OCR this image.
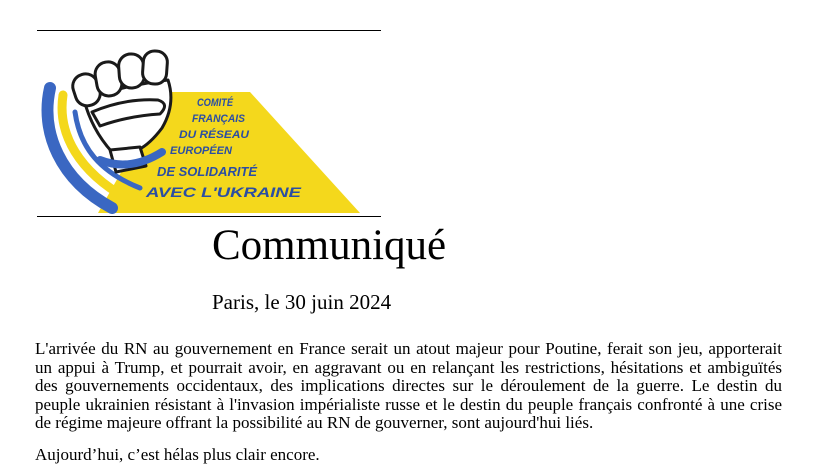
COMITÉ
FRANÇAIS
DU RÉSEAU
EUROPÉEN
DE SOLIDARITÉ
AVEC L'UKRAINE
Communiqué

Paris, le 30 juin 2024

L'arrivée du RN au gouvernement en France serait un atout majeur pour Poutine, ferait son jeu, apporterait
un appui à Trump, et pourrait avoir, en aggravant ou en relançant les restrictions, hésitations et ambiguïtés
des gouvernements occidentaux, des implications directes sur le déroulement de la guerre. Le destin du
peuple ukrainien résistant à l'invasion impérialiste russe et le destin du peuple français confronté à une crise
de régime majeure offrant la possibilité au RN de gouverner, sont aujourd'hui liés.

Aujourd’hui, c’est hélas plus clair encore.
